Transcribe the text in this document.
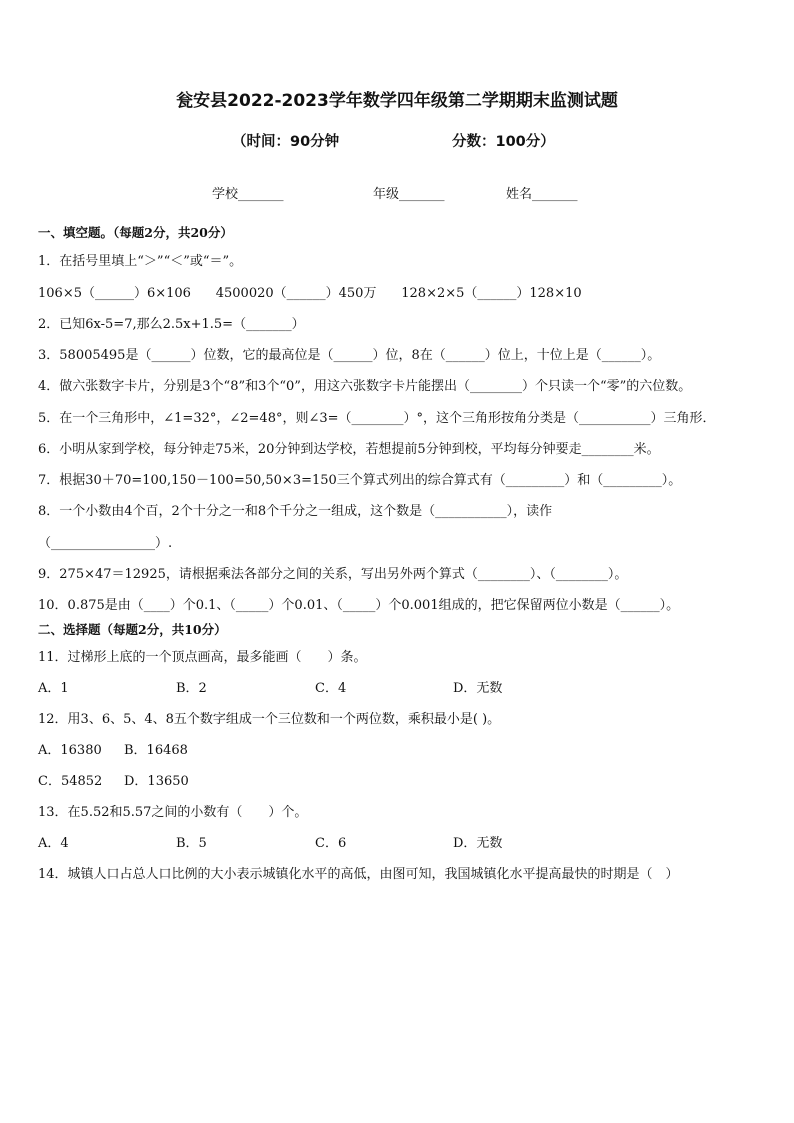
瓮安县2022-2023学年数学四年级第二学期期末监测试题
（时间：90分钟	分数：100分）
学校_______	年级_______	姓名_______
一、填空题。（每题2分，共20分）
1．在括号里填上“＞”“＜”或“＝”。
106×5（______）6×106      4500020（______）450万      128×2×5（______）128×10
2．已知6x-5=7,那么2.5x+1.5=（_______）
3．58005495是（______）位数，它的最高位是（______）位，8在（______）位上，十位上是（______）。
4．做六张数字卡片，分别是3个“8”和3个“0”，用这六张数字卡片能摆出（________）个只读一个“零”的六位数。
5．在一个三角形中，∠1=32°，∠2=48°，则∠3=（________）°，这个三角形按角分类是（___________）三角形．
6．小明从家到学校，每分钟走75米，20分钟到达学校，若想提前5分钟到校，平均每分钟要走________米。
7．根据30＋70=100,150－100=50,50×3=150三个算式列出的综合算式有（_________）和（_________）。
8．一个小数由4个百，2个十分之一和8个千分之一组成，这个数是（___________），读作
（________________）.
9．275×47＝12925，请根据乘法各部分之间的关系，写出另外两个算式（________）、（________）。
10．0.875是由（____）个0.1、（_____）个0.01、（_____）个0.001组成的，把它保留两位小数是（______）。
二、选择题（每题2分，共10分）
11．过梯形上底的一个顶点画高，最多能画（　　）条。
A．1	B．2	C．4	D．无数
12．用3、6、5、4、8五个数字组成一个三位数和一个两位数，乘积最小是( )。
A．16380 B．16468
C．54852 D．13650
13．在5.52和5.57之间的小数有（　　）个。
A．4	B．5	C．6	D．无数
14．城镇人口占总人口比例的大小表示城镇化水平的高低，由图可知，我国城镇化水平提高最快的时期是（　）
